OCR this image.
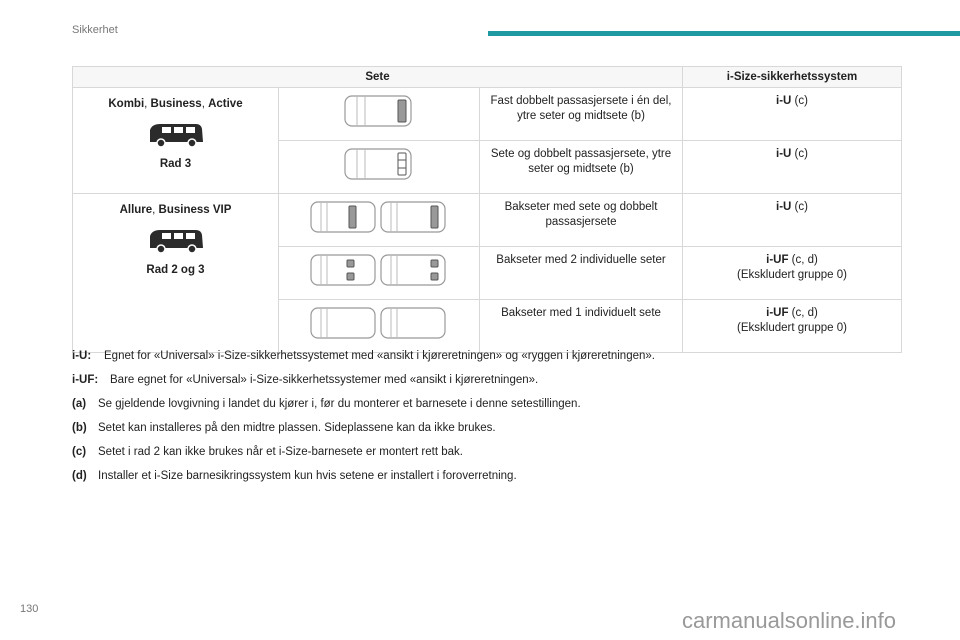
Sikkerhet
Sete			i-Size-sikkerhetssystem

Kombi, Business, Active
Rad 3		Fast dobbelt passasjersete i én del, ytre seter og midtsete (b)	i-U (c)

	Sete og dobbelt passasjersete, ytre seter og midtsete (b)	i-U (c)

Allure, Business VIP
Rad 2 og 3		Bakseter med sete og dobbelt passasjersete	i-U (c)

	Bakseter med 2 individuelle seter	i-UF (c, d)
(Ekskludert gruppe 0)

	Bakseter med 1 individuelt sete	i-UF (c, d)
(Ekskludert gruppe 0)
i-U: Egnet for «Universal» i-Size-sikkerhetssystemet med «ansikt i kjøreretningen» og «ryggen i kjøreretningen».
i-UF: Bare egnet for «Universal» i-Size-sikkerhetssystemer med «ansikt i kjøreretningen».
(a) Se gjeldende lovgivning i landet du kjører i, før du monterer et barnesete i denne setestillingen.
(b) Setet kan installeres på den midtre plassen. Sideplassene kan da ikke brukes.
(c) Setet i rad 2 kan ikke brukes når et i-Size-barnesete er montert rett bak.
(d) Installer et i-Size barnesikringssystem kun hvis setene er installert i foroverretning.
130	carmanualsonline.info
